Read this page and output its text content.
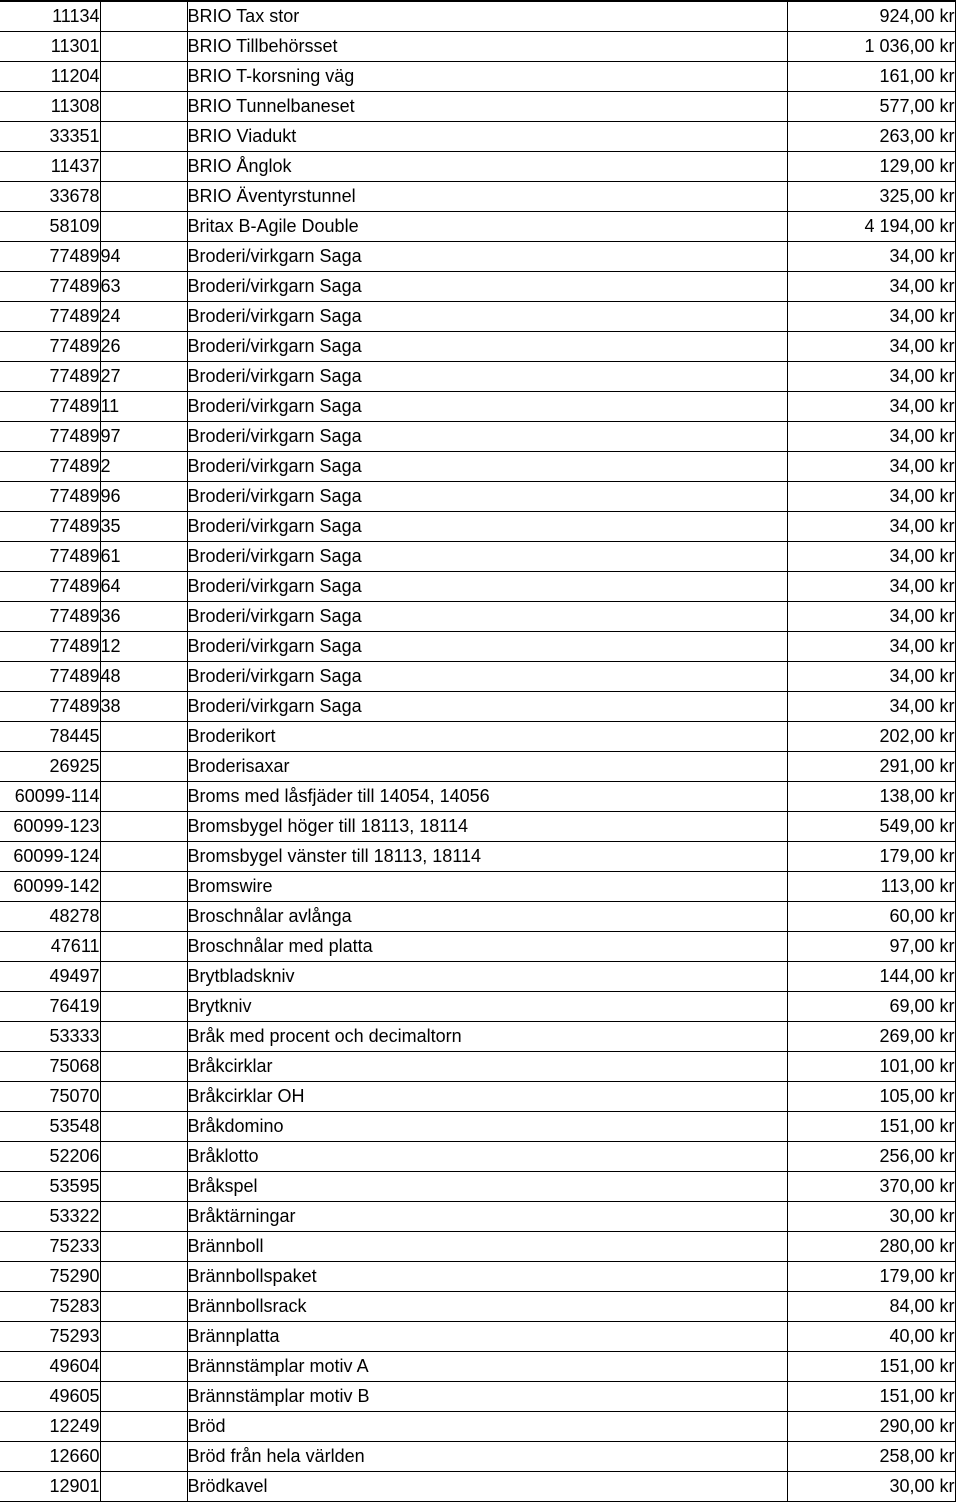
11134		BRIO Tax stor	924,00 kr
11301		BRIO Tillbehörsset	1 036,00 kr
11204		BRIO T-korsning väg	161,00 kr
11308		BRIO Tunnelbaneset	577,00 kr
33351		BRIO Viadukt	263,00 kr
11437		BRIO Ånglok	129,00 kr
33678		BRIO Äventyrstunnel	325,00 kr
58109		Britax B-Agile Double	4 194,00 kr
77489	94	Broderi/virkgarn Saga	34,00 kr
77489	63	Broderi/virkgarn Saga	34,00 kr
77489	24	Broderi/virkgarn Saga	34,00 kr
77489	26	Broderi/virkgarn Saga	34,00 kr
77489	27	Broderi/virkgarn Saga	34,00 kr
77489	11	Broderi/virkgarn Saga	34,00 kr
77489	97	Broderi/virkgarn Saga	34,00 kr
77489	2	Broderi/virkgarn Saga	34,00 kr
77489	96	Broderi/virkgarn Saga	34,00 kr
77489	35	Broderi/virkgarn Saga	34,00 kr
77489	61	Broderi/virkgarn Saga	34,00 kr
77489	64	Broderi/virkgarn Saga	34,00 kr
77489	36	Broderi/virkgarn Saga	34,00 kr
77489	12	Broderi/virkgarn Saga	34,00 kr
77489	48	Broderi/virkgarn Saga	34,00 kr
77489	38	Broderi/virkgarn Saga	34,00 kr
78445		Broderikort	202,00 kr
26925		Broderisaxar	291,00 kr
60099-114		Broms med låsfjäder till 14054, 14056	138,00 kr
60099-123		Bromsbygel höger till 18113, 18114	549,00 kr
60099-124		Bromsbygel vänster till 18113, 18114	179,00 kr
60099-142		Bromswire	113,00 kr
48278		Broschnålar avlånga	60,00 kr
47611		Broschnålar med platta	97,00 kr
49497		Brytbladskniv	144,00 kr
76419		Brytkniv	69,00 kr
53333		Bråk med procent och decimaltorn	269,00 kr
75068		Bråkcirklar	101,00 kr
75070		Bråkcirklar OH	105,00 kr
53548		Bråkdomino	151,00 kr
52206		Bråklotto	256,00 kr
53595		Bråkspel	370,00 kr
53322		Bråktärningar	30,00 kr
75233		Brännboll	280,00 kr
75290		Brännbollspaket	179,00 kr
75283		Brännbollsrack	84,00 kr
75293		Brännplatta	40,00 kr
49604		Brännstämplar motiv A	151,00 kr
49605		Brännstämplar motiv B	151,00 kr
12249		Bröd	290,00 kr
12660		Bröd från hela världen	258,00 kr
12901		Brödkavel	30,00 kr
